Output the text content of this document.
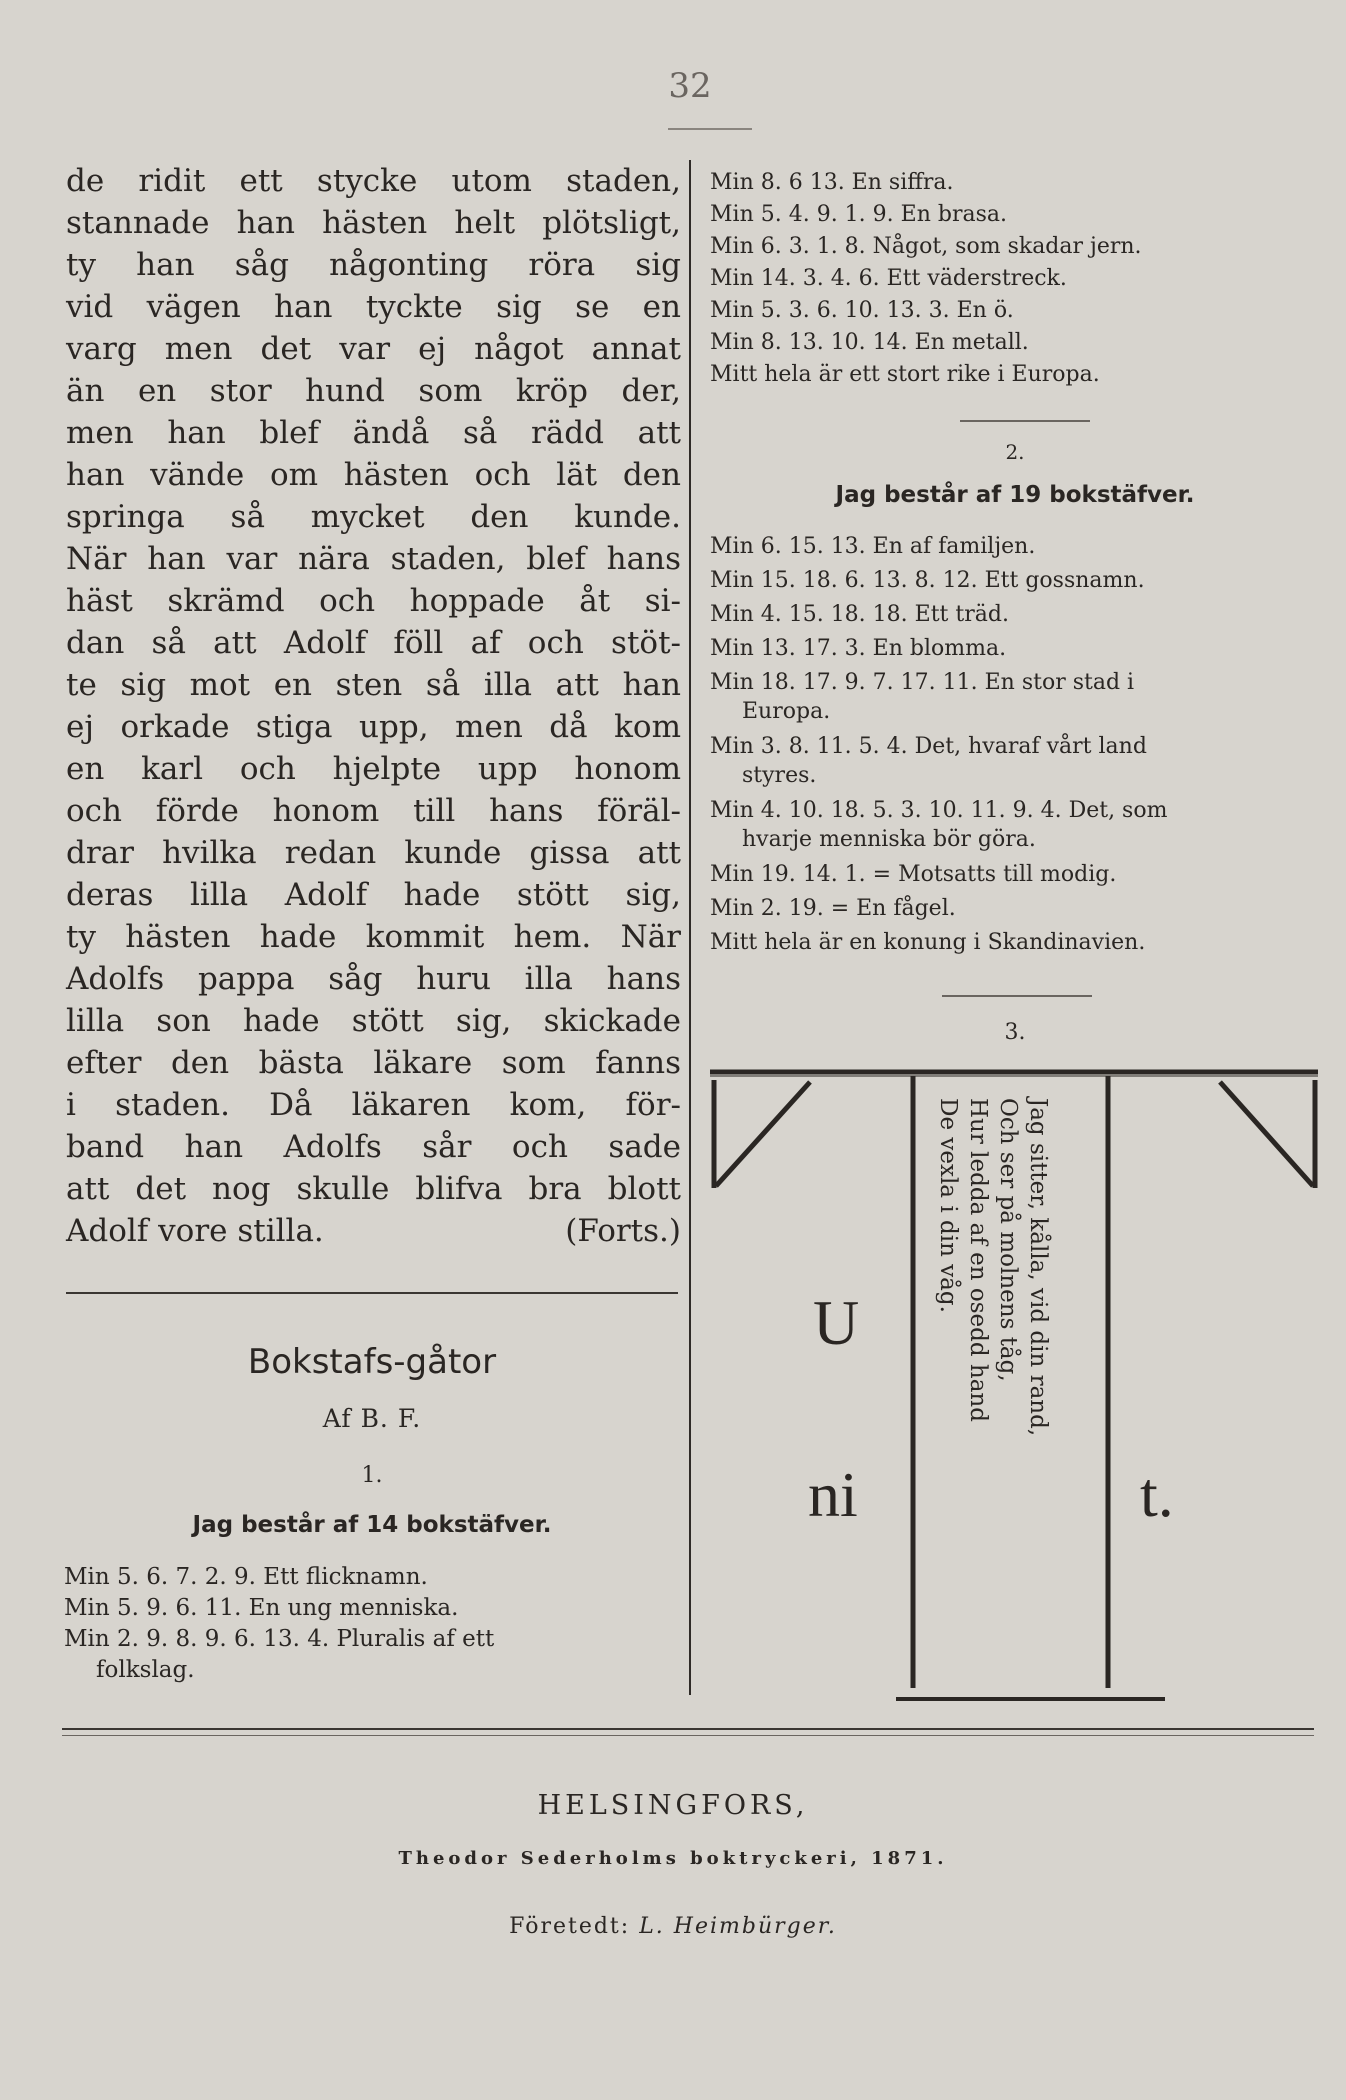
32

de ridit ett stycke utom staden,
stannade han hästen helt plötsligt,
ty han såg någonting röra sig
vid vägen han tyckte sig se en
varg men det var ej något annat
än en stor hund som kröp der,
men han blef ändå så rädd att
han vände om hästen och lät den
springa så mycket den kunde.
När han var nära staden, blef hans
häst skrämd och hoppade åt si-
dan så att Adolf föll af och stöt-
te sig mot en sten så illa att han
ej orkade stiga upp, men då kom
en karl och hjelpte upp honom
och förde honom till hans föräl-
drar hvilka redan kunde gissa att
deras lilla Adolf hade stött sig,
ty hästen hade kommit hem. När
Adolfs pappa såg huru illa hans
lilla son hade stött sig, skickade
efter den bästa läkare som fanns
i staden. Då läkaren kom, för-
band han Adolfs sår och sade
att det nog skulle blifva bra blott
Adolf vore stilla.	(Forts.)

Bokstafs-gåtor
Af B. F.
1.
Jag består af 14 bokstäfver.
Min 5. 6. 7. 2. 9. Ett flicknamn.
Min 5. 9. 6. 11. En ung menniska.
Min 2. 9. 8. 9. 6. 13. 4. Pluralis af ett
folkslag.
Min 8. 6 13. En siffra.
Min 5. 4. 9. 1. 9. En brasa.
Min 6. 3. 1. 8. Något, som skadar jern.
Min 14. 3. 4. 6. Ett väderstreck.
Min 5. 3. 6. 10. 13. 3. En ö.
Min 8. 13. 10. 14. En metall.
Mitt hela är ett stort rike i Europa.
2.
Jag består af 19 bokstäfver.
Min 6. 15. 13. En af familjen.
Min 15. 18. 6. 13. 8. 12. Ett gossnamn.
Min 4. 15. 18. 18. Ett träd.
Min 13. 17. 3. En blomma.
Min 18. 17. 9. 7. 17. 11. En stor stad i
Europa.
Min 3. 8. 11. 5. 4. Det, hvaraf vårt land
styres.
Min 4. 10. 18. 5. 3. 10. 11. 9. 4. Det, som
hvarje menniska bör göra.
Min 19. 14. 1. = Motsatts till modig.
Min 2. 19. = En fågel.
Mitt hela är en konung i Skandinavien.
3.
U
ni	t.
Jag sitter, kålla, vid din rand,
Och ser på molnens tåg,
Hur ledda af en osedd hand
De vexla i din våg.
HELSINGFORS,
Theodor Sederholms boktryckeri, 1871.
Företedt: L. Heimbürger.
